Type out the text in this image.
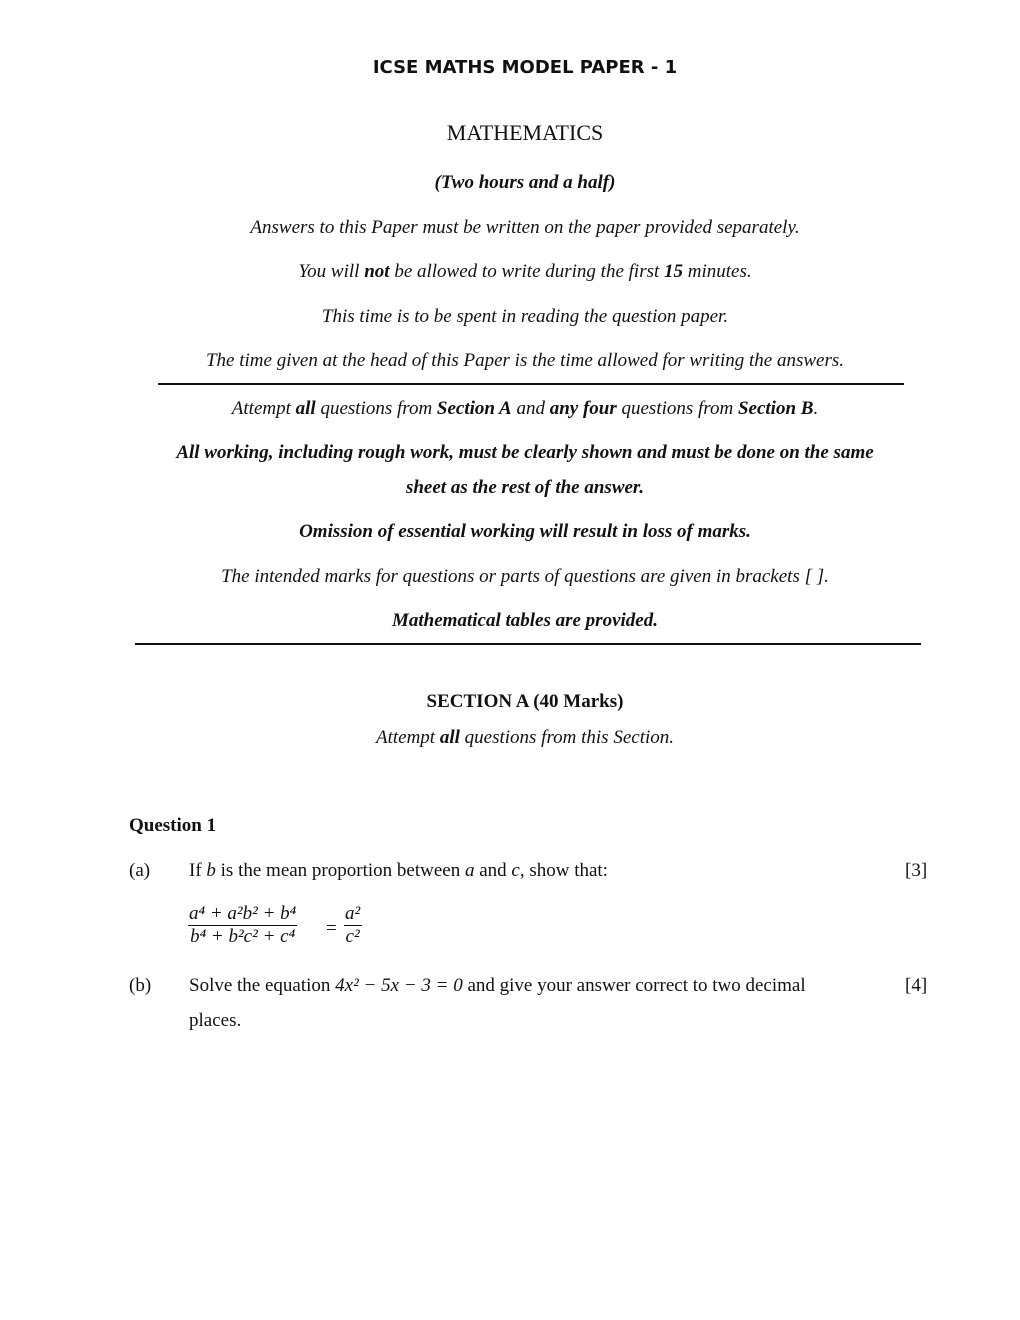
ICSE MATHS MODEL PAPER - 1
MATHEMATICS
(Two hours and a half)
Answers to this Paper must be written on the paper provided separately.
You will not be allowed to write during the first 15 minutes.
This time is to be spent in reading the question paper.
The time given at the head of this Paper is the time allowed for writing the answers.
Attempt all questions from Section A and any four questions from Section B.
All working, including rough work, must be clearly shown and must be done on the same
sheet as the rest of the answer.
Omission of essential working will result in loss of marks.
The intended marks for questions or parts of questions are given in brackets [ ].
Mathematical tables are provided.
SECTION A (40 Marks)
Attempt all questions from this Section.
Question 1
(a) If b is the mean proportion between a and c, show that:	[3]
$\frac{\text{a⁴ + a²b² + b⁴}}{\text{b⁴ + b²c² + c⁴}} = \frac{\text{a²}}{\text{c²}}$
(b) Solve the equation 4x² − 5x − 3 = 0 and give your answer correct to two decimal	[4]
places.
